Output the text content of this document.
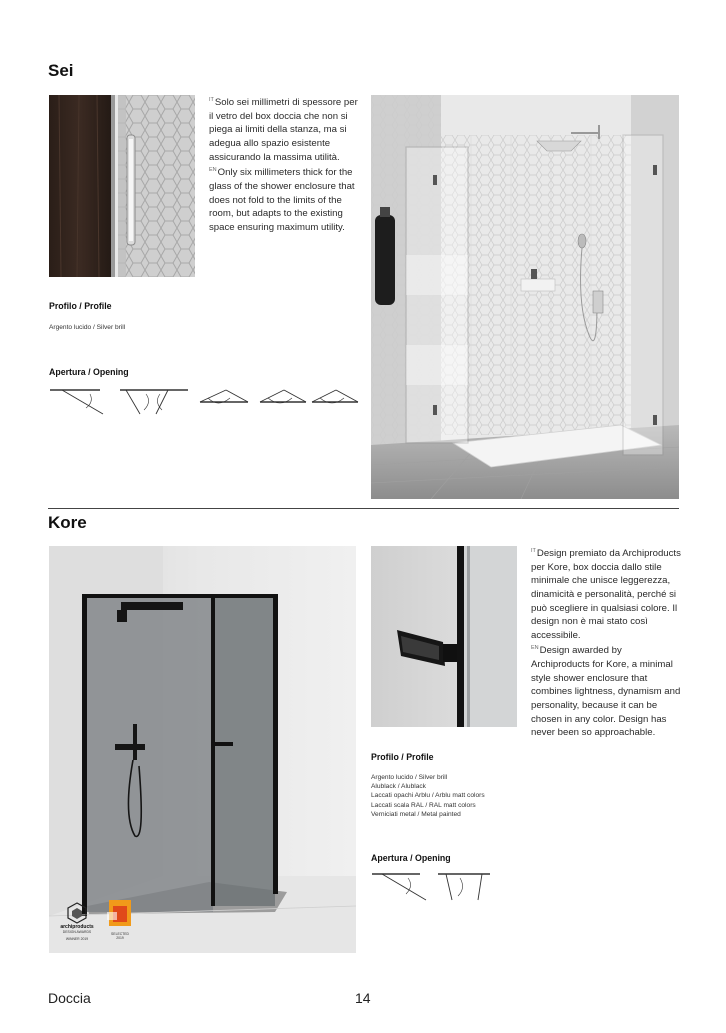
Sei

$^{IT}$Solo sei millimetri di spessore per il vetro del box doccia che non si piega ai limiti della stanza, ma si adegua allo spazio esistente assicurando la massima utilità.

$^{EN}$Only six millimeters thick for the glass of the shower enclosure that does not fold to the limits of the room, but adapts to the existing space ensuring maximum utility.

Profilo / Profile
Argento lucido / Silver brill
Apertura / Opening
Kore
archiproducts
DESIGN AWARDS
WINNER 2019
SELECTED 2019

$^{IT}$Design premiato da Archiproducts per Kore, box doccia dallo stile minimale che unisce leggerezza, dinamicità e personalità, perché si può scegliere in qualsiasi colore. Il design non è mai stato così accessibile.

$^{EN}$Design awarded by Archiproducts for Kore, a minimal style shower enclosure that combines lightness, dynamism and personality, because it can be chosen in any color. Design has never been so approachable.

Profilo / Profile
Argento lucido / Silver brill
Alublack / Alublack
Laccati opachi Arblu / Arblu matt colors
Laccati scala RAL / RAL matt colors
Verniciati metal / Metal painted
Apertura / Opening
Doccia	14
